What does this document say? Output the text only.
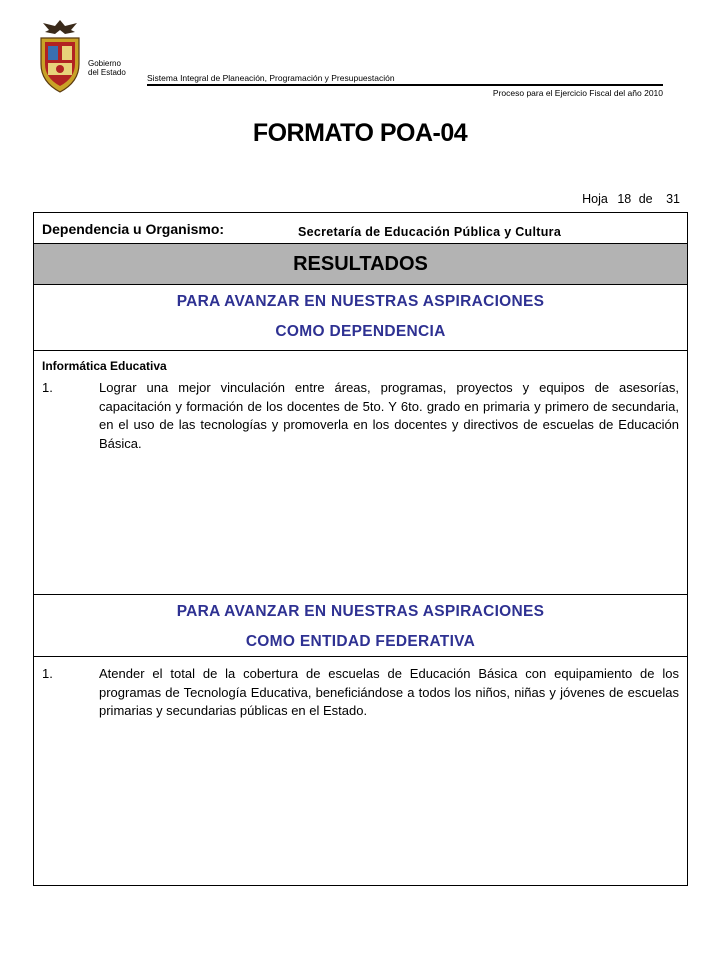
Gobierno
del Estado
Sistema Integral de Planeación, Programación y Presupuestación
Proceso para el Ejercicio Fiscal del año 2010
FORMATO POA-04
Hoja 18 de 31
Dependencia u Organismo:	Secretaría de Educación Pública y Cultura
RESULTADOS
PARA AVANZAR EN NUESTRAS ASPIRACIONES
COMO DEPENDENCIA
Informática Educativa
1.	Lograr una mejor vinculación entre áreas, programas, proyectos y equipos de asesorías, capacitación y formación de los docentes de 5to. Y 6to. grado en primaria y primero de secundaria, en el uso de las tecnologías y promoverla en los docentes y directivos de escuelas de Educación Básica.
PARA AVANZAR EN NUESTRAS ASPIRACIONES
COMO ENTIDAD FEDERATIVA
1.	Atender el total de la cobertura de escuelas de Educación Básica con equipamiento de los programas de Tecnología Educativa, beneficiándose a todos los niños, niñas y jóvenes de escuelas primarias y secundarias públicas en el Estado.
